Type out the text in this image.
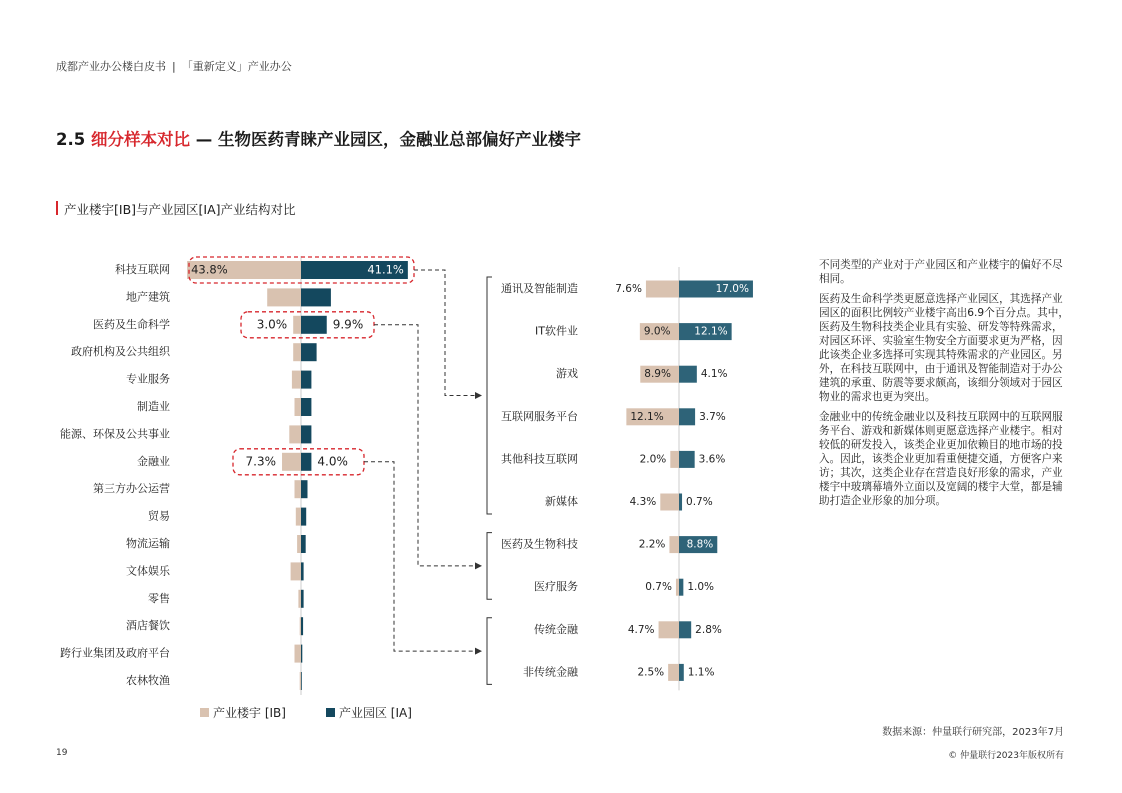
成都产业办公楼白皮书 | 「重新定义」产业办公
2.5 细分样本对比 — 生物医药青睐产业园区，金融业总部偏好产业楼宇
产业楼宇[IB]与产业园区[IA]产业结构对比
科技互联网
地产建筑
医药及生命科学
政府机构及公共组织
专业服务
制造业
能源、环保及公共事业
金融业
第三方办公运营
贸易
物流运输
文体娱乐
零售
酒店餐饮
跨行业集团及政府平台
农林牧渔
43.8%	41.1%
3.0%	9.9%
7.3%	4.0%
通讯及智能制造	7.6%	17.0%
IT软件业	9.0% 12.1%
游戏	8.9%	4.1%
互联网服务平台	12.1%	3.7%
其他科技互联网	2.0%	3.6%
新媒体	4.3%	0.7%
医药及生物科技	2.2% 8.8%
医疗服务	0.7% 1.0%
传统金融	4.7%	2.8%
非传统金融	2.5% 1.1%
产业楼宇 [IB]	产业园区 [IA]

不同类型的产业对于产业园区和产业楼宇的偏好不尽相同。

医药及生命科学类更愿意选择产业园区，其选择产业园区的面积比例较产业楼宇高出6.9个百分点。其中，医药及生物科技类企业具有实验、研发等特殊需求，对园区环评、实验室生物安全方面要求更为严格，因此该类企业多选择可实现其特殊需求的产业园区。另外，在科技互联网中，由于通讯及智能制造对于办公建筑的承重、防震等要求颇高，该细分领域对于园区物业的需求也更为突出。

金融业中的传统金融业以及科技互联网中的互联网服务平台、游戏和新媒体则更愿意选择产业楼宇。相对较低的研发投入，该类企业更加依赖目的地市场的投入。因此，该类企业更加看重便捷交通，方便客户来访；其次，这类企业存在营造良好形象的需求，产业楼宇中玻璃幕墙外立面以及宽阔的楼宇大堂，都是辅助打造企业形象的加分项。

数据来源：仲量联行研究部，2023年7月
19	© 仲量联行2023年版权所有
